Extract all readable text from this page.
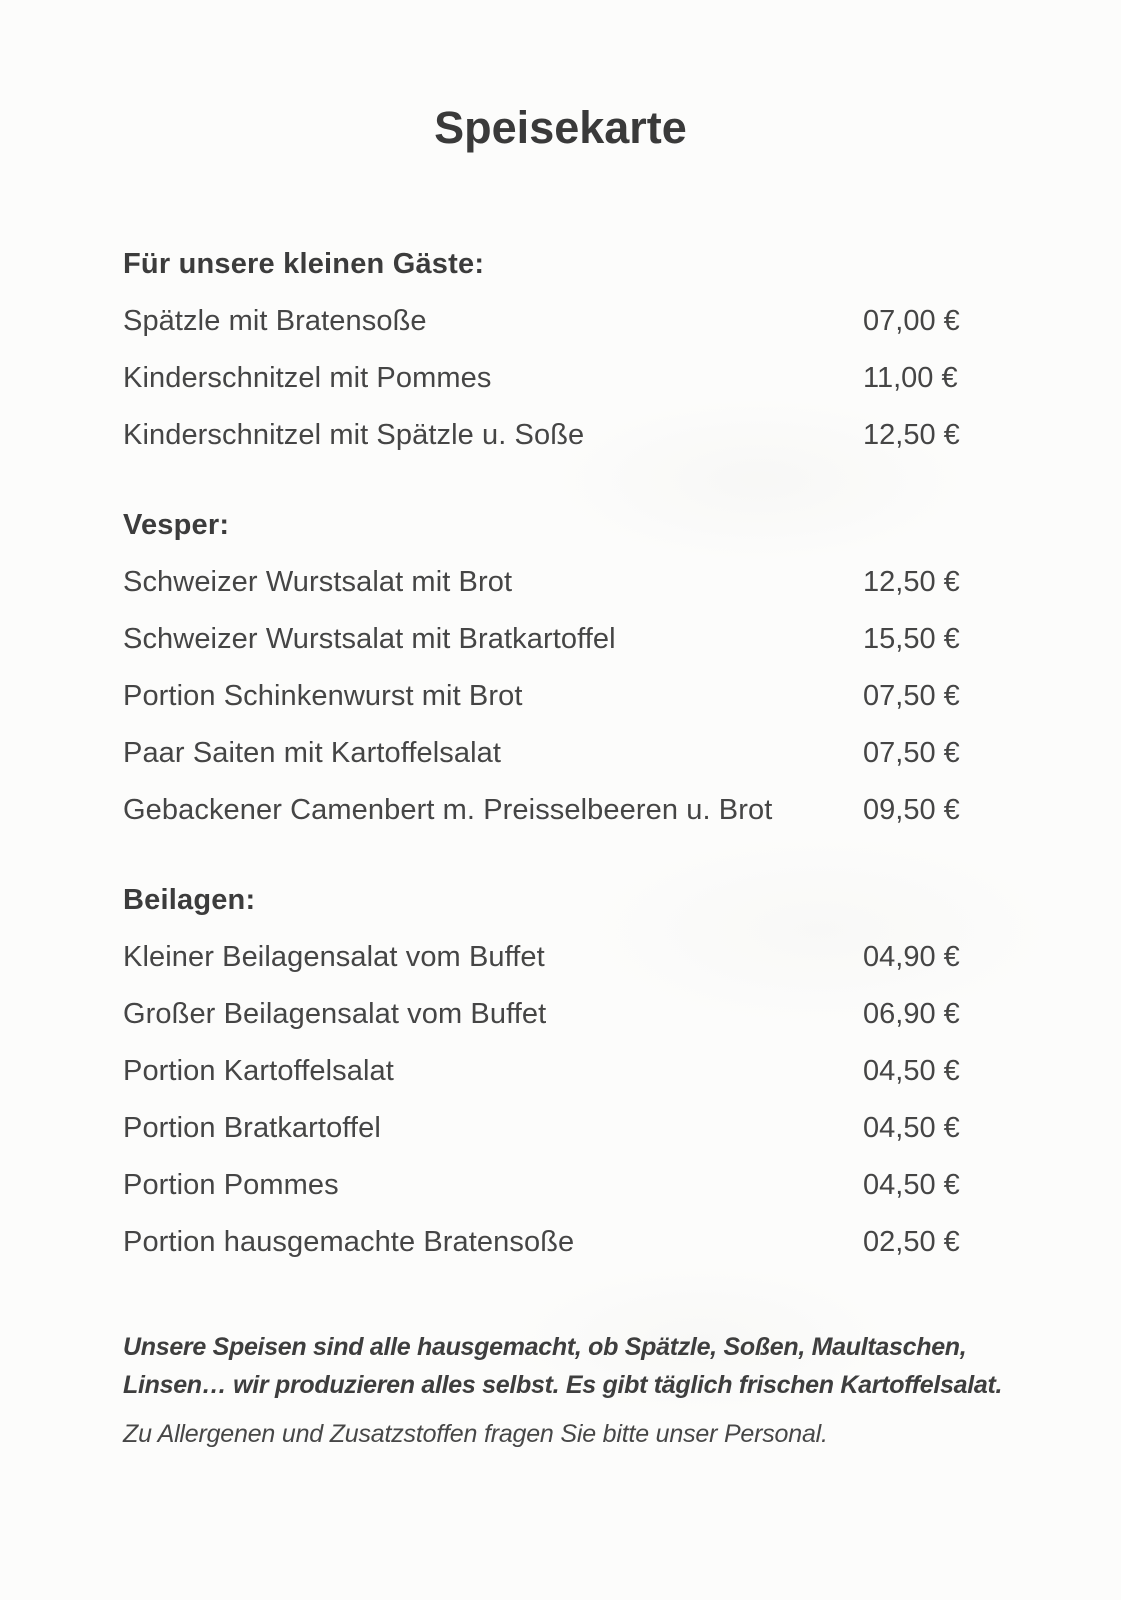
Speisekarte
Für unsere kleinen Gäste:
Spätzle mit Bratensoße	07,00 €
Kinderschnitzel mit Pommes	11,00 €
Kinderschnitzel mit Spätzle u. Soße	12,50 €
Vesper:
Schweizer Wurstsalat mit Brot	12,50 €
Schweizer Wurstsalat mit Bratkartoffel	15,50 €
Portion Schinkenwurst mit Brot	07,50 €
Paar Saiten mit Kartoffelsalat	07,50 €
Gebackener Camenbert m. Preisselbeeren u. Brot	09,50 €
Beilagen:
Kleiner Beilagensalat vom Buffet	04,90 €
Großer Beilagensalat vom Buffet	06,90 €
Portion Kartoffelsalat	04,50 €
Portion Bratkartoffel	04,50 €
Portion Pommes	04,50 €
Portion hausgemachte Bratensoße	02,50 €

Unsere Speisen sind alle hausgemacht, ob Spätzle, Soßen, Maultaschen,

Linsen… wir produzieren alles selbst. Es gibt täglich frischen Kartoffelsalat.

Zu Allergenen und Zusatzstoffen fragen Sie bitte unser Personal.
